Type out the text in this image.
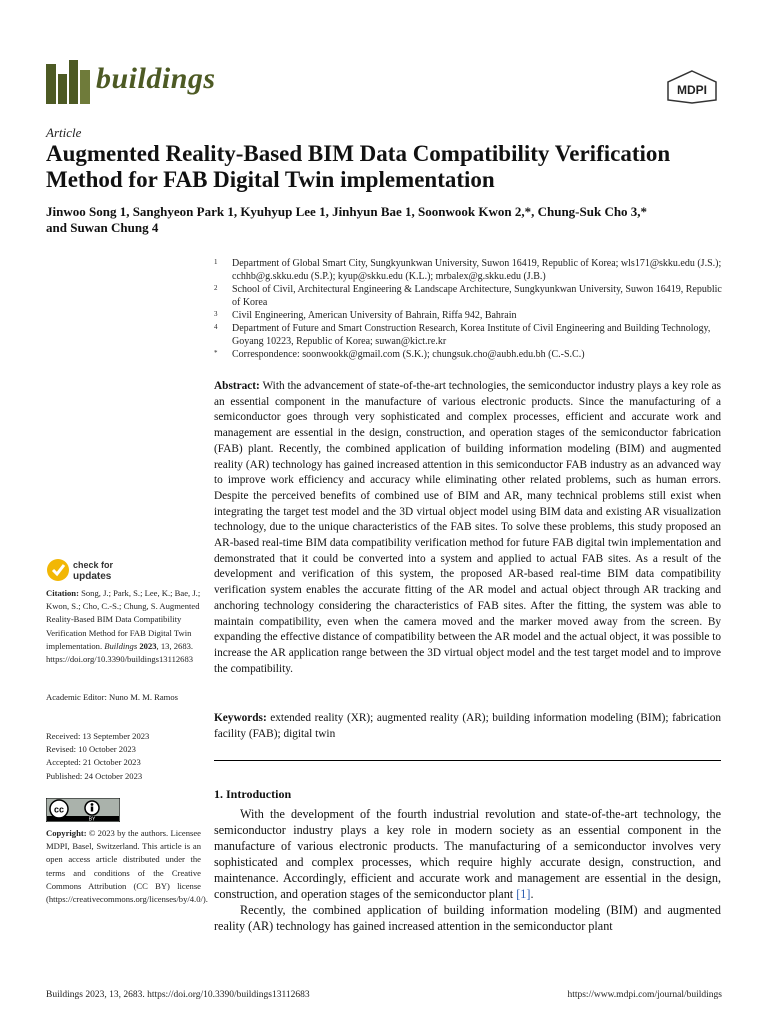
buildings	MDPI
Article
Augmented Reality-Based BIM Data Compatibility Verification Method for FAB Digital Twin implementation
Jinwoo Song 1, Sanghyeon Park 1, Kyuhyup Lee 1, Jinhyun Bae 1, Soonwook Kwon 2,*, Chung-Suk Cho 3,*
and Suwan Chung 4
1 Department of Global Smart City, Sungkyunkwan University, Suwon 16419, Republic of Korea; wls171@skku.edu (J.S.); cchhb@g.skku.edu (S.P.); kyup@skku.edu (K.L.); mrbalex@g.skku.edu (J.B.)
2 School of Civil, Architectural Engineering & Landscape Architecture, Sungkyunkwan University, Suwon 16419, Republic of Korea
3 Civil Engineering, American University of Bahrain, Riffa 942, Bahrain
4 Department of Future and Smart Construction Research, Korea Institute of Civil Engineering and Building Technology, Goyang 10223, Republic of Korea; suwan@kict.re.kr
* Correspondence: soonwookk@gmail.com (S.K.); chungsuk.cho@aubh.edu.bh (C.-S.C.)
Abstract: With the advancement of state-of-the-art technologies, the semiconductor industry plays a key role as an essential component in the manufacture of various electronic products. Since the manufacturing of a semiconductor goes through very sophisticated and complex processes, efficient and accurate work and management are essential in the design, construction, and operation stages of the semiconductor fabrication (FAB) plant. Recently, the combined application of building information modeling (BIM) and augmented reality (AR) technology has gained increased attention in this semiconductor FAB industry as an advanced way to improve work efficiency and accuracy while eliminating other related problems, such as human errors. Despite the perceived benefits of combined use of BIM and AR, many technical problems still exist when integrating the target test model and the 3D virtual object model using BIM data and existing AR visualization technology, due to the unique characteristics of the FAB sites. To solve these problems, this study proposed an AR-based real-time BIM data compatibility verification method for future FAB digital twin implementation and demonstrated that it could be converted into a system and applied to actual FAB sites. As a result of the development and verification of this system, the proposed AR-based real-time BIM data compatibility verification system enables the accurate fitting of the AR model and actual object through AR tracking and anchoring technology considering the characteristics of FAB sites. After the fitting, the system was able to maintain compatibility, even when the camera moved and the marker moved away from the screen. By expanding the effective distance of compatibility between the AR model and the actual object, it was possible to increase the AR application range between the 3D virtual object model and the test target model and to improve the compatibility.
Keywords: extended reality (XR); augmented reality (AR); building information modeling (BIM); fabrication facility (FAB); digital twin
1. Introduction

With the development of the fourth industrial revolution and state-of-the-art technology, the semiconductor industry plays a key role in modern society as an essential component in the manufacture of various electronic products. The manufacturing of a semiconductor involves very sophisticated and complex processes, which require highly accurate design, construction, and maintenance. Accordingly, efficient and accurate work and management are essential in the design, construction, and operation stages of the semiconductor plant [1].

Recently, the combined application of building information modeling (BIM) and augmented reality (AR) technology has gained increased attention in the semiconductor plant

check for
updates
Citation: Song, J.; Park, S.; Lee, K.; Bae, J.; Kwon, S.; Cho, C.-S.; Chung, S. Augmented Reality-Based BIM Data Compatibility Verification Method for FAB Digital Twin implementation. Buildings 2023, 13, 2683. https://doi.org/10.3390/buildings13112683
Academic Editor: Nuno M. M. Ramos
Received: 13 September 2023
Revised: 10 October 2023
Accepted: 21 October 2023
Published: 24 October 2023
cc
BY
Copyright: © 2023 by the authors. Licensee MDPI, Basel, Switzerland. This article is an open access article distributed under the terms and conditions of the Creative Commons Attribution (CC BY) license (https://creativecommons.org/licenses/by/4.0/).
Buildings 2023, 13, 2683. https://doi.org/10.3390/buildings13112683	https://www.mdpi.com/journal/buildings
